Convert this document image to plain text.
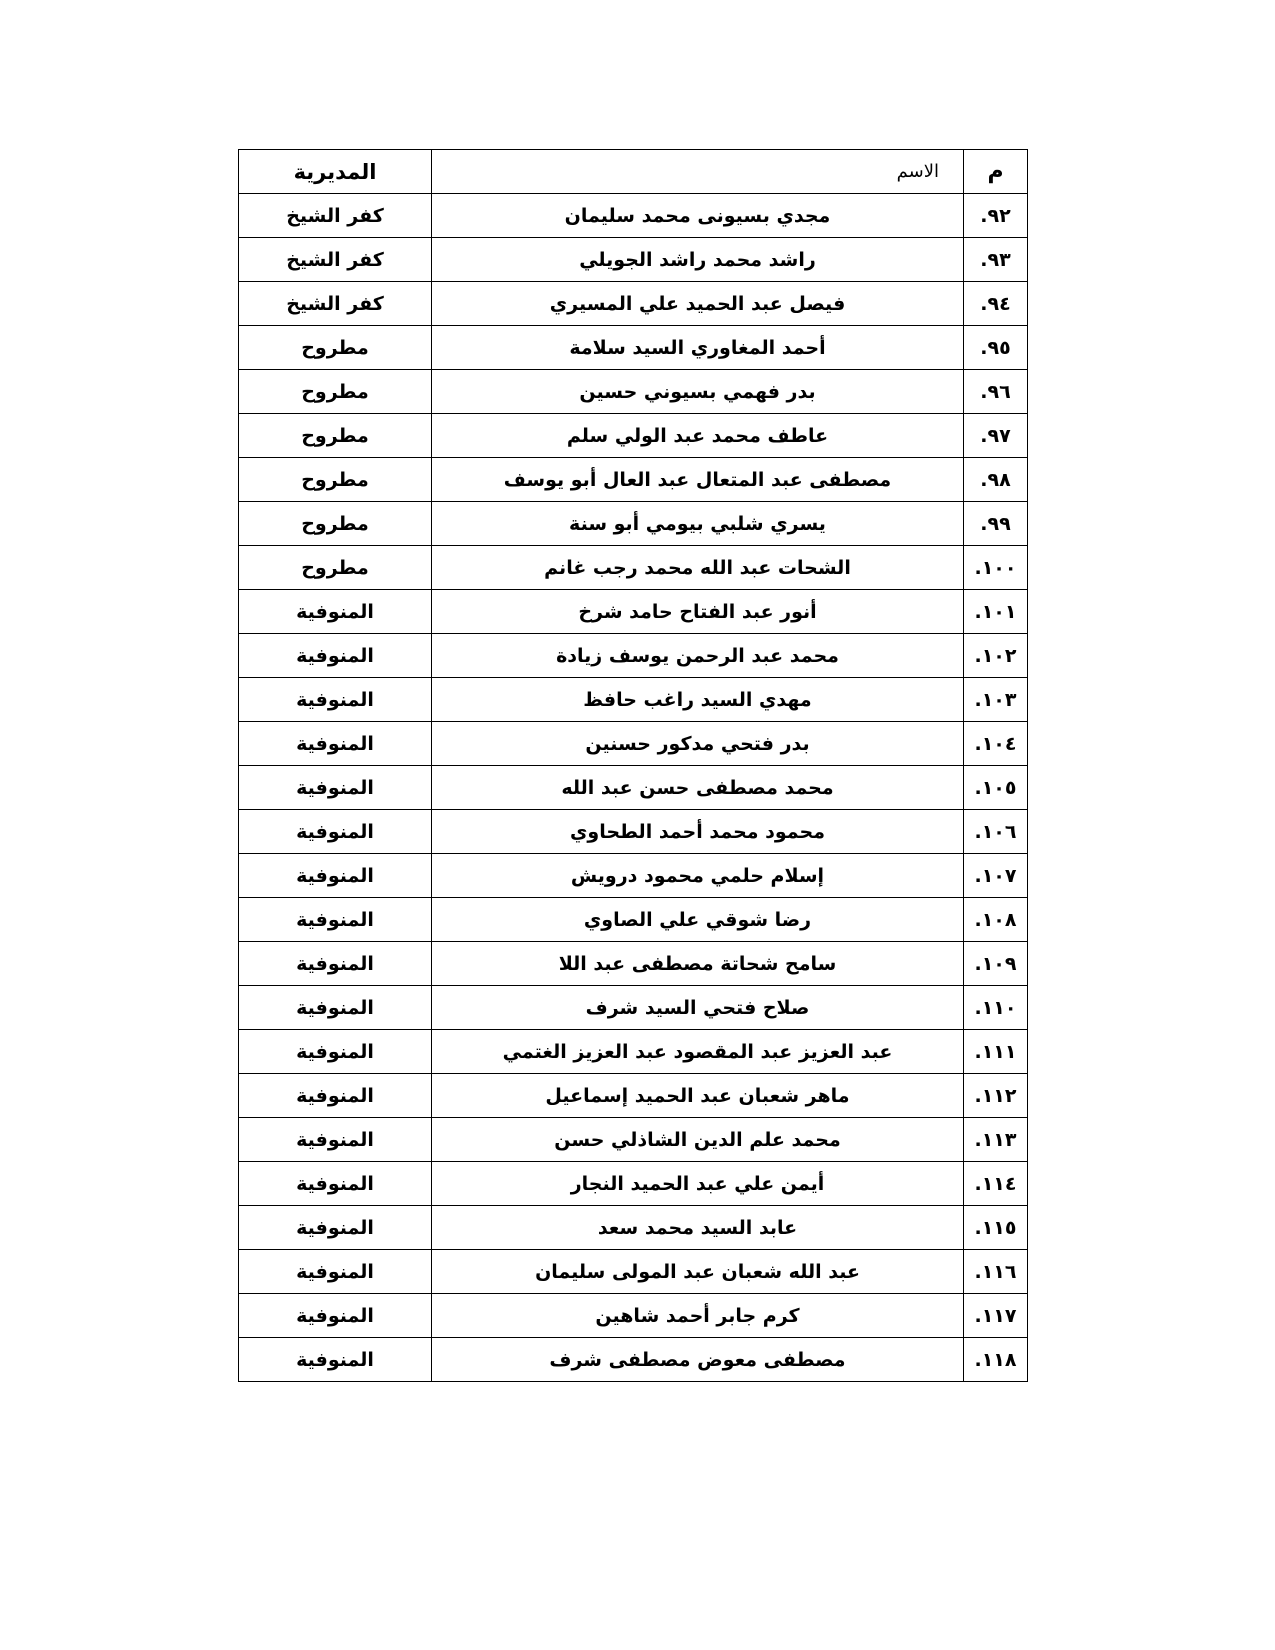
م	الاسم	المديرية
٩٢.	مجدي بسيونى محمد سليمان	كفر الشيخ
٩٣.	راشد محمد راشد الجويلي	كفر الشيخ
٩٤.	فيصل عبد الحميد علي المسيري	كفر الشيخ
٩٥.	أحمد المغاوري السيد سلامة	مطروح
٩٦.	بدر فهمي بسيوني حسين	مطروح
٩٧.	عاطف محمد عبد الولي سلم	مطروح
٩٨.	مصطفى عبد المتعال عبد العال أبو يوسف	مطروح
٩٩.	يسري شلبي بيومي أبو سنة	مطروح
١٠٠.	الشحات عبد الله محمد رجب غانم	مطروح
١٠١.	أنور عبد الفتاح حامد شرخ	المنوفية
١٠٢.	محمد عبد الرحمن يوسف زيادة	المنوفية
١٠٣.	مهدي السيد راغب حافظ	المنوفية
١٠٤.	بدر فتحي مدكور حسنين	المنوفية
١٠٥.	محمد مصطفى حسن عبد الله	المنوفية
١٠٦.	محمود محمد أحمد الطحاوي	المنوفية
١٠٧.	إسلام حلمي محمود درويش	المنوفية
١٠٨.	رضا شوقي علي الصاوي	المنوفية
١٠٩.	سامح شحاتة مصطفى عبد اللا	المنوفية
١١٠.	صلاح فتحي السيد شرف	المنوفية
١١١.	عبد العزيز عبد المقصود عبد العزيز الغتمي	المنوفية
١١٢.	ماهر شعبان عبد الحميد إسماعيل	المنوفية
١١٣.	محمد علم الدين الشاذلي حسن	المنوفية
١١٤.	أيمن علي عبد الحميد النجار	المنوفية
١١٥.	عابد السيد محمد سعد	المنوفية
١١٦.	عبد الله شعبان عبد المولى سليمان	المنوفية
١١٧.	كرم جابر أحمد شاهين	المنوفية
١١٨.	مصطفى معوض مصطفى شرف	المنوفية
